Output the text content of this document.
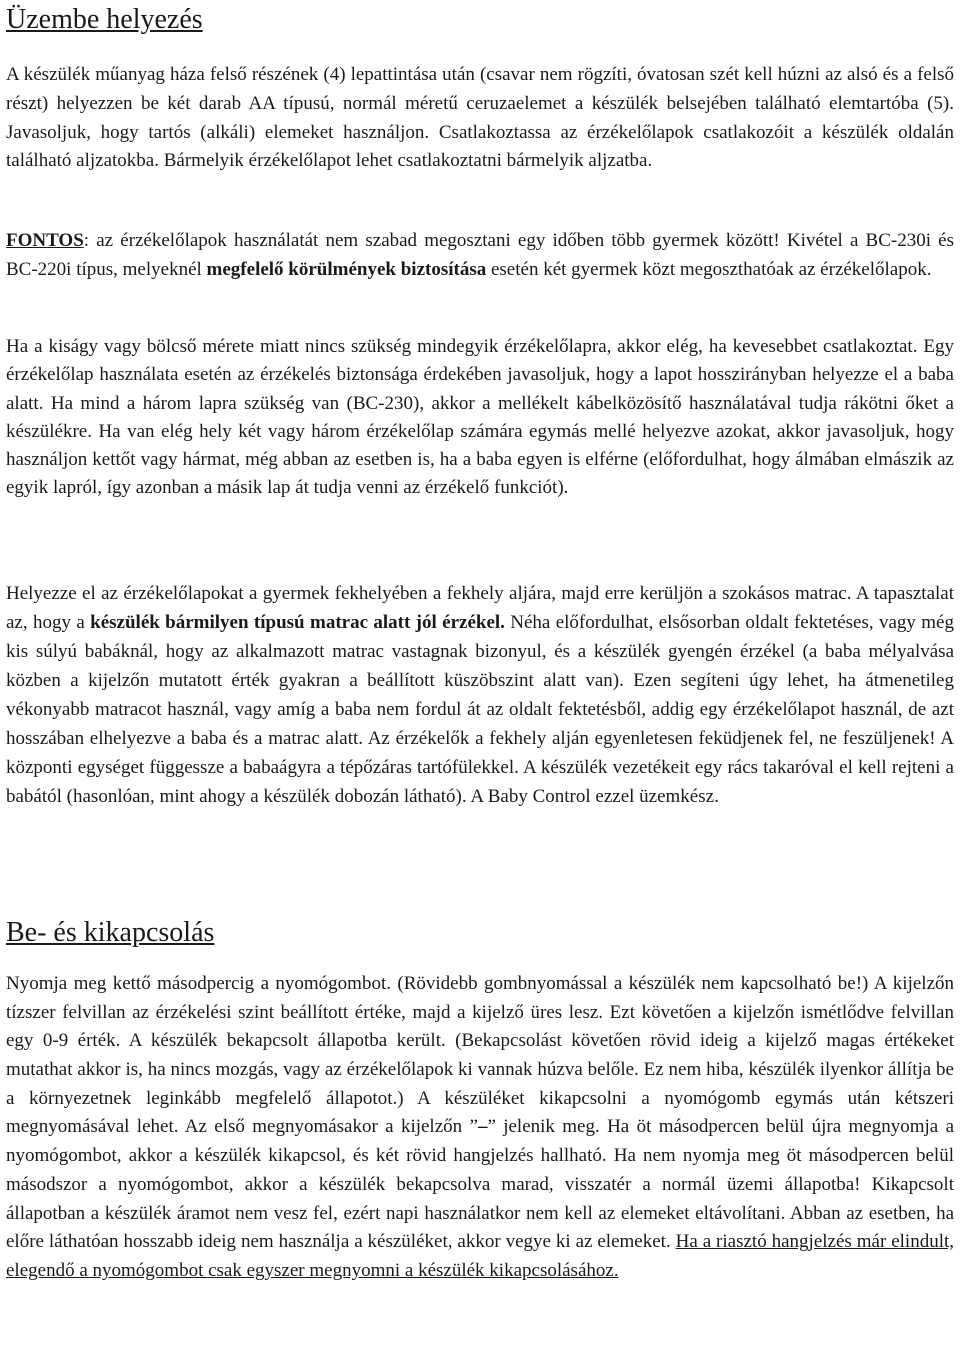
Üzembe helyezés

A készülék műanyag háza felső részének (4) lepattintása után (csavar nem rögzíti, óvatosan szét kell húzni az alsó és a felső részt) helyezzen be két darab AA típusú, normál méretű ceruzaelemet a készülék belsejében található elemtartóba (5). Javasoljuk, hogy tartós (alkáli) elemeket használjon. Csatlakoztassa az érzékelőlapok csatlakozóit a készülék oldalán található aljzatokba. Bármelyik érzékelőlapot lehet csatlakoztatni bármelyik aljzatba.

FONTOS: az érzékelőlapok használatát nem szabad megosztani egy időben több gyermek között! Kivétel a BC-230i és BC-220i típus, melyeknél megfelelő körülmények biztosítása esetén két gyermek közt megoszthatóak az érzékelőlapok.

Ha a kiságy vagy bölcső mérete miatt nincs szükség mindegyik érzékelőlapra, akkor elég, ha kevesebbet csatlakoztat. Egy érzékelőlap használata esetén az érzékelés biztonsága érdekében javasoljuk, hogy a lapot hosszirányban helyezze el a baba alatt. Ha mind a három lapra szükség van (BC-230), akkor a mellékelt kábelközösítő használatával tudja rákötni őket a készülékre. Ha van elég hely két vagy három érzékelőlap számára egymás mellé helyezve azokat, akkor javasoljuk, hogy használjon kettőt vagy hármat, még abban az esetben is, ha a baba egyen is elférne (előfordulhat, hogy álmában elmászik az egyik lapról, így azonban a másik lap át tudja venni az érzékelő funkciót).

Helyezze el az érzékelőlapokat a gyermek fekhelyében a fekhely aljára, majd erre kerüljön a szokásos matrac. A tapasztalat az, hogy a készülék bármilyen típusú matrac alatt jól érzékel. Néha előfordulhat, elsősorban oldalt fektetéses, vagy még kis súlyú babáknál, hogy az alkalmazott matrac vastagnak bizonyul, és a készülék gyengén érzékel (a baba mélyalvása közben a kijelzőn mutatott érték gyakran a beállított küszöbszint alatt van). Ezen segíteni úgy lehet, ha átmenetileg vékonyabb matracot használ, vagy amíg a baba nem fordul át az oldalt fektetésből, addig egy érzékelőlapot használ, de azt hosszában elhelyezve a baba és a matrac alatt. Az érzékelők a fekhely alján egyenletesen feküdjenek fel, ne feszüljenek! A központi egységet függessze a babaágyra a tépőzáras tartófülekkel. A készülék vezetékeit egy rács takaróval el kell rejteni a babától (hasonlóan, mint ahogy a készülék dobozán látható). A Baby Control ezzel üzemkész.

Be- és kikapcsolás

Nyomja meg kettő másodpercig a nyomógombot. (Rövidebb gombnyomással a készülék nem kapcsolható be!) A kijelzőn tízszer felvillan az érzékelési szint beállított értéke, majd a kijelző üres lesz. Ezt követően a kijelzőn ismétlődve felvillan egy 0-9 érték. A készülék bekapcsolt állapotba került. (Bekapcsolást követően rövid ideig a kijelző magas értékeket mutathat akkor is, ha nincs mozgás, vagy az érzékelőlapok ki vannak húzva belőle. Ez nem hiba, készülék ilyenkor állítja be a környezetnek leginkább megfelelő állapotot.) A készüléket kikapcsolni a nyomógomb egymás után kétszeri megnyomásával lehet. Az első megnyomásakor a kijelzőn ”–” jelenik meg. Ha öt másodpercen belül újra megnyomja a nyomógombot, akkor a készülék kikapcsol, és két rövid hangjelzés hallható. Ha nem nyomja meg öt másodpercen belül másodszor a nyomógombot, akkor a készülék bekapcsolva marad, visszatér a normál üzemi állapotba! Kikapcsolt állapotban a készülék áramot nem vesz fel, ezért napi használatkor nem kell az elemeket eltávolítani. Abban az esetben, ha előre láthatóan hosszabb ideig nem használja a készüléket, akkor vegye ki az elemeket. Ha a riasztó hangjelzés már elindult, elegendő a nyomógombot csak egyszer megnyomni a készülék kikapcsolásához.
